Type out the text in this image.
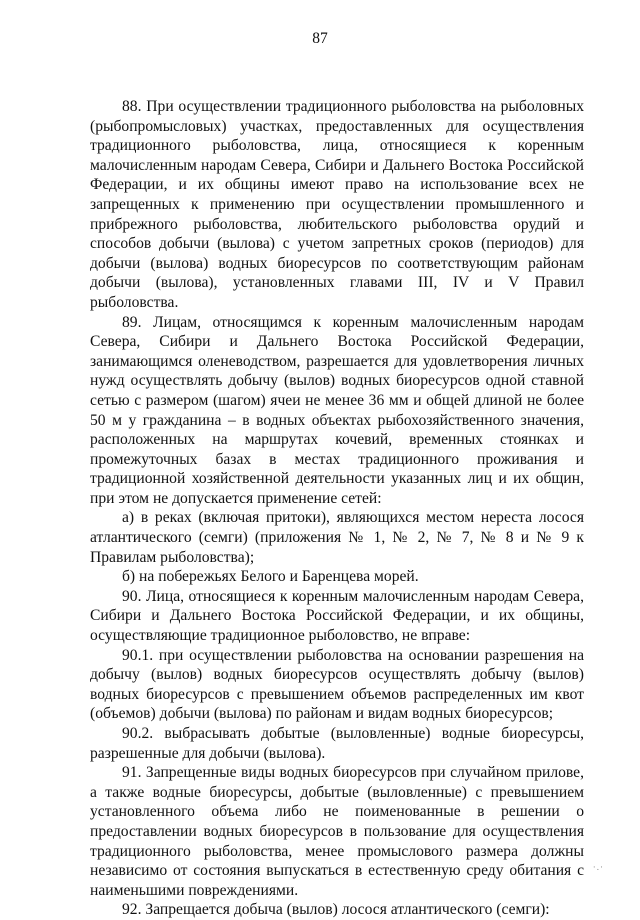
87

88. При осуществлении традиционного рыболовства на рыболовных (рыбопромысловых) участках, предоставленных для осуществления традиционного рыболовства, лица, относящиеся к коренным малочисленным народам Севера, Сибири и Дальнего Востока Российской Федерации, и их общины имеют право на использование всех не запрещенных к применению при осуществлении промышленного и прибрежного рыболовства, любительского рыболовства орудий и способов добычи (вылова) с учетом запретных сроков (периодов) для добычи (вылова) водных биоресурсов по соответствующим районам добычи (вылова), установленных главами III, IV и V Правил рыболовства.

89. Лицам, относящимся к коренным малочисленным народам Севера, Сибири и Дальнего Востока Российской Федерации, занимающимся оленеводством, разрешается для удовлетворения личных нужд осуществлять добычу (вылов) водных биоресурсов одной ставной сетью с размером (шагом) ячеи не менее 36 мм и общей длиной не более 50 м у гражданина – в водных объектах рыбохозяйственного значения, расположенных на маршрутах кочевий, временных стоянках и промежуточных базах в местах традиционного проживания и традиционной хозяйственной деятельности указанных лиц и их общин, при этом не допускается применение сетей:

а) в реках (включая притоки), являющихся местом нереста лосося атлантического (семги) (приложения № 1, № 2, № 7, № 8 и № 9 к Правилам рыболовства);

б) на побережьях Белого и Баренцева морей.

90. Лица, относящиеся к коренным малочисленным народам Севера, Сибири и Дальнего Востока Российской Федерации, и их общины, осуществляющие традиционное рыболовство, не вправе:

90.1. при осуществлении рыболовства на основании разрешения на добычу (вылов) водных биоресурсов осуществлять добычу (вылов) водных биоресурсов с превышением объемов распределенных им квот (объемов) добычи (вылова) по районам и видам водных биоресурсов;

90.2. выбрасывать добытые (выловленные) водные биоресурсы, разрешенные для добычи (вылова).

91. Запрещенные виды водных биоресурсов при случайном прилове, а также водные биоресурсы, добытые (выловленные) с превышением установленного объема либо не поименованные в решении о предоставлении водных биоресурсов в пользование для осуществления традиционного рыболовства, менее промыслового размера должны независимо от состояния выпускаться в естественную среду обитания с наименьшими повреждениями.

92. Запрещается добыча (вылов) лосося атлантического (семги):

·.·
